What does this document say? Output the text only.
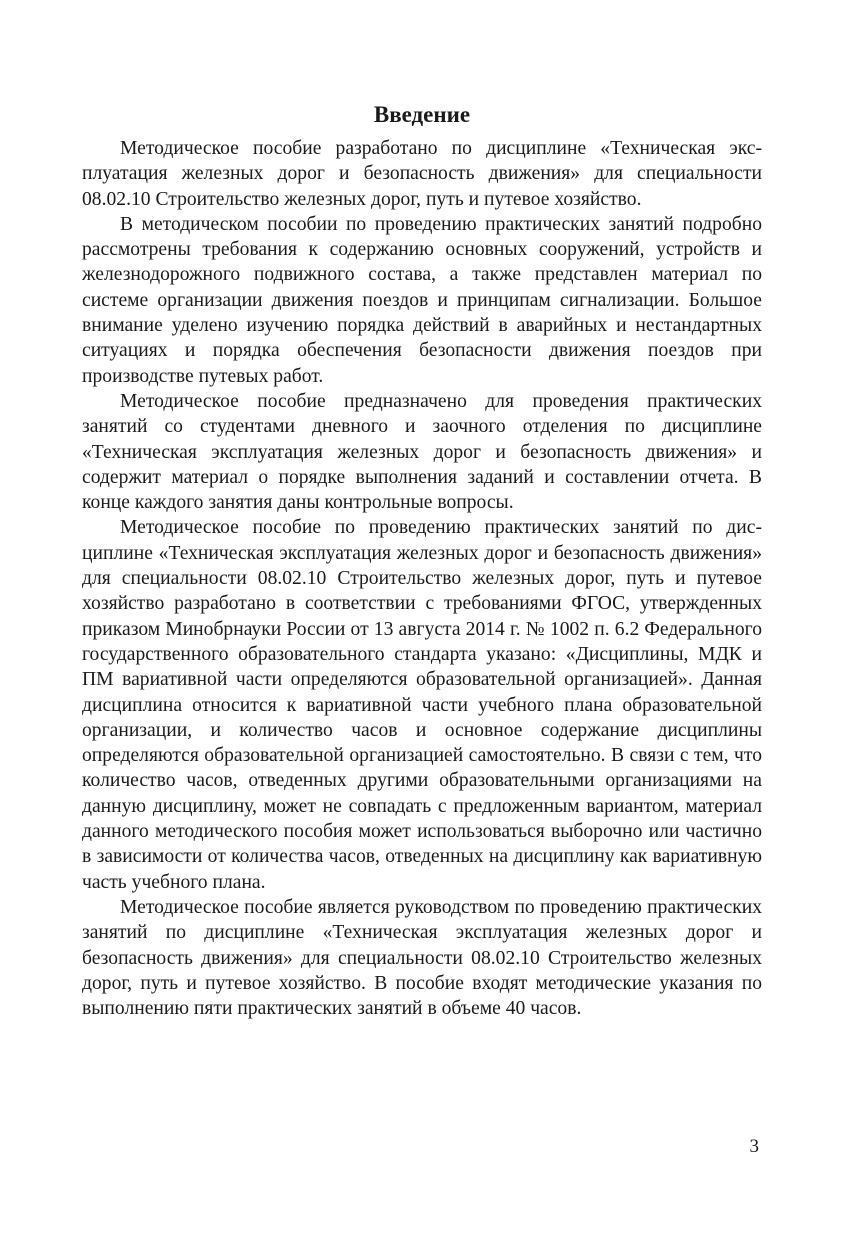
Введение

Методическое пособие разработано по дисциплине «Техническая эксплуатация железных дорог и безопасность движения» для специальности 08.02.10 Строительство железных дорог, путь и путевое хозяйство.

В методическом пособии по проведению практических занятий подробно рассмотрены требования к содержанию основных сооружений, устройств и железнодорожного подвижного состава, а также представлен материал по системе организации движения поездов и принципам сигнализации. Большое внимание уделено изучению порядка действий в аварийных и нестандартных ситуациях и порядка обеспечения безопасности движения поездов при производстве путевых работ.

Методическое пособие предназначено для проведения практических занятий со студентами дневного и заочного отделения по дисциплине «Техническая эксплуатация железных дорог и безопасность движения» и содержит материал о порядке выполнения заданий и составлении отчета. В конце каждого занятия даны контрольные вопросы.

Методическое пособие по проведению практических занятий по дисциплине «Техническая эксплуатация железных дорог и безопасность движения» для специальности 08.02.10 Строительство железных дорог, путь и путевое хозяйство разработано в соответствии с требованиями ФГОС, утвержденных приказом Минобрнауки России от 13 августа 2014 г. № 1002 п. 6.2 Федерального государственного образовательного стандарта указано: «Дисциплины, МДК и ПМ вариативной части определяются образовательной организацией». Данная дисциплина относится к вариативной части учебного плана образовательной организации, и количество часов и основное содержание дисциплины определяются образовательной организацией самостоятельно. В связи с тем, что количество часов, отведенных другими образовательными организациями на данную дисциплину, может не совпадать с предложенным вариантом, материал данного методического пособия может использоваться выборочно или частично в зависимости от количества часов, отведенных на дисциплину как вариативную часть учебного плана.

Методическое пособие является руководством по проведению практических занятий по дисциплине «Техническая эксплуатация железных дорог и безопасность движения» для специальности 08.02.10 Строительство железных дорог, путь и путевое хозяйство. В пособие входят методические указания по выполнению пяти практических занятий в объеме 40 часов.

3
